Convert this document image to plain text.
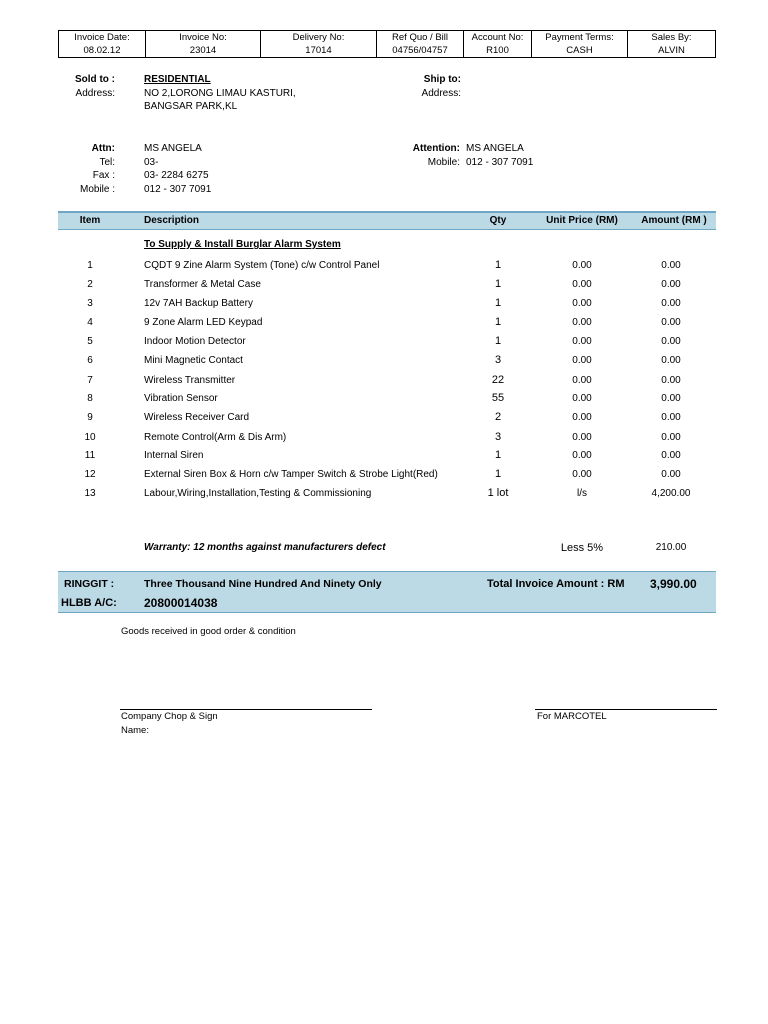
Invoice Date:
08.02.12
Invoice No:
23014
Delivery No:
17014
Ref Quo / Bill
04756/04757
Account No:
R100
Payment Terms:
CASH
Sales By:
ALVIN
Sold to :	RESIDENTIAL
Address:	NO 2,LORONG LIMAU KASTURI,
BANGSAR PARK,KL
Ship to:
Address:
Attn:	MS ANGELA
Tel:	03-
Fax :	03- 2284 6275
Mobile :	012 - 307 7091
Attention: MS ANGELA
Mobile: 012 - 307 7091
Item	Description	Qty	Unit Price (RM)	Amount (RM )
To Supply & Install Burglar Alarm System
1	CQDT 9 Zine Alarm System (Tone) c/w Control Panel	1	0.00	0.00
2	Transformer & Metal Case	1	0.00	0.00
3	12v 7AH Backup Battery	1	0.00	0.00
4	9 Zone Alarm LED Keypad	1	0.00	0.00
5	Indoor Motion Detector	1	0.00	0.00
6	Mini Magnetic Contact	3	0.00	0.00
7	Wireless Transmitter	22	0.00	0.00
8	Vibration Sensor	55	0.00	0.00
9	Wireless Receiver Card	2	0.00	0.00
10	Remote Control(Arm & Dis Arm)	3	0.00	0.00
11	Internal Siren	1	0.00	0.00
12	External Siren Box & Horn c/w Tamper Switch & Strobe Light(Red)	1	0.00	0.00
13	Labour,Wiring,Installation,Testing & Commissioning	1 lot	l/s	4,200.00
Warranty: 12 months against manufacturers defect	Less 5%	210.00
RINGGIT :	Three Thousand Nine Hundred And Ninety Only	Total Invoice Amount : RM 3,990.00
HLBB A/C: 20800014038
Goods received in good order & condition
Company Chop & Sign
Name:
For MARCOTEL
